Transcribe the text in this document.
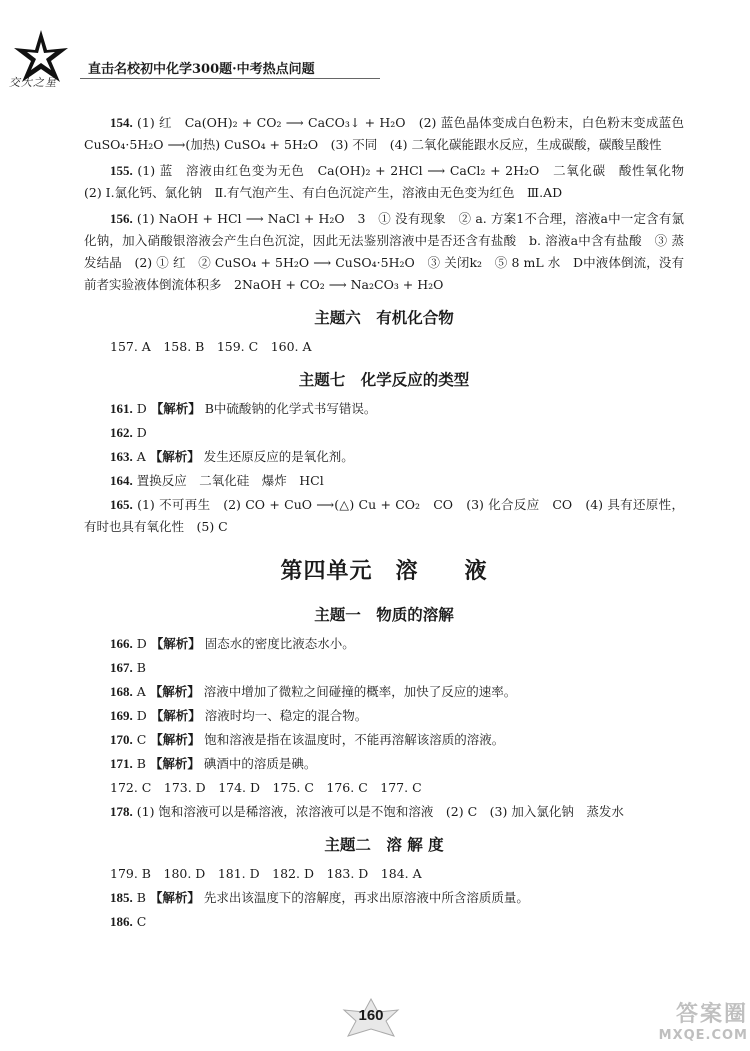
交大之星
直击名校初中化学300题·中考热点问题

154. (1) 红　Ca(OH)₂ + CO₂ ⟶ CaCO₃↓ + H₂O　(2) 蓝色晶体变成白色粉末，白色粉末变成蓝色　CuSO₄·5H₂O ⟶(加热) CuSO₄ + 5H₂O　(3) 不同　(4) 二氧化碳能跟水反应，生成碳酸，碳酸呈酸性

155. (1) 蓝　溶液由红色变为无色　Ca(OH)₂ + 2HCl ⟶ CaCl₂ + 2H₂O　二氧化碳　酸性氧化物　(2) Ⅰ.氯化钙、氯化钠　Ⅱ.有气泡产生、有白色沉淀产生，溶液由无色变为红色　Ⅲ.AD

156. (1) NaOH + HCl ⟶ NaCl + H₂O　3　① 没有现象　② a. 方案1不合理，溶液a中一定含有氯化钠，加入硝酸银溶液会产生白色沉淀，因此无法鉴别溶液中是否还含有盐酸　b. 溶液a中含有盐酸　③ 蒸发结晶　(2) ① 红　② CuSO₄ + 5H₂O ⟶ CuSO₄·5H₂O　③ 关闭k₂　⑤ 8 mL 水　D中液体倒流，没有前者实验液体倒流体积多　2NaOH + CO₂ ⟶ Na₂CO₃ + H₂O

主题六　有机化合物
157. A　158. B　159. C　160. A
主题七　化学反应的类型
161. D 【解析】 B中硫酸钠的化学式书写错误。
162. D
163. A 【解析】 发生还原反应的是氧化剂。
164. 置换反应　二氧化硅　爆炸　HCl

165. (1) 不可再生　(2) CO + CuO ⟶(△) Cu + CO₂　CO　(3) 化合反应　CO　(4) 具有还原性，有时也具有氧化性　(5) C

第四单元　溶　　液
主题一　物质的溶解
166. D 【解析】 固态水的密度比液态水小。
167. B
168. A 【解析】 溶液中增加了微粒之间碰撞的概率，加快了反应的速率。
169. D 【解析】 溶液时均一、稳定的混合物。
170. C 【解析】 饱和溶液是指在该温度时，不能再溶解该溶质的溶液。
171. B 【解析】 碘酒中的溶质是碘。
172. C　173. D　174. D　175. C　176. C　177. C
178. (1) 饱和溶液可以是稀溶液，浓溶液可以是不饱和溶液　(2) C　(3) 加入氯化钠　蒸发水
主题二　溶 解 度
179. B　180. D　181. D　182. D　183. D　184. A
185. B 【解析】 先求出该温度下的溶解度，再求出原溶液中所含溶质质量。
186. C
160	答案圈
MXQE.COM
